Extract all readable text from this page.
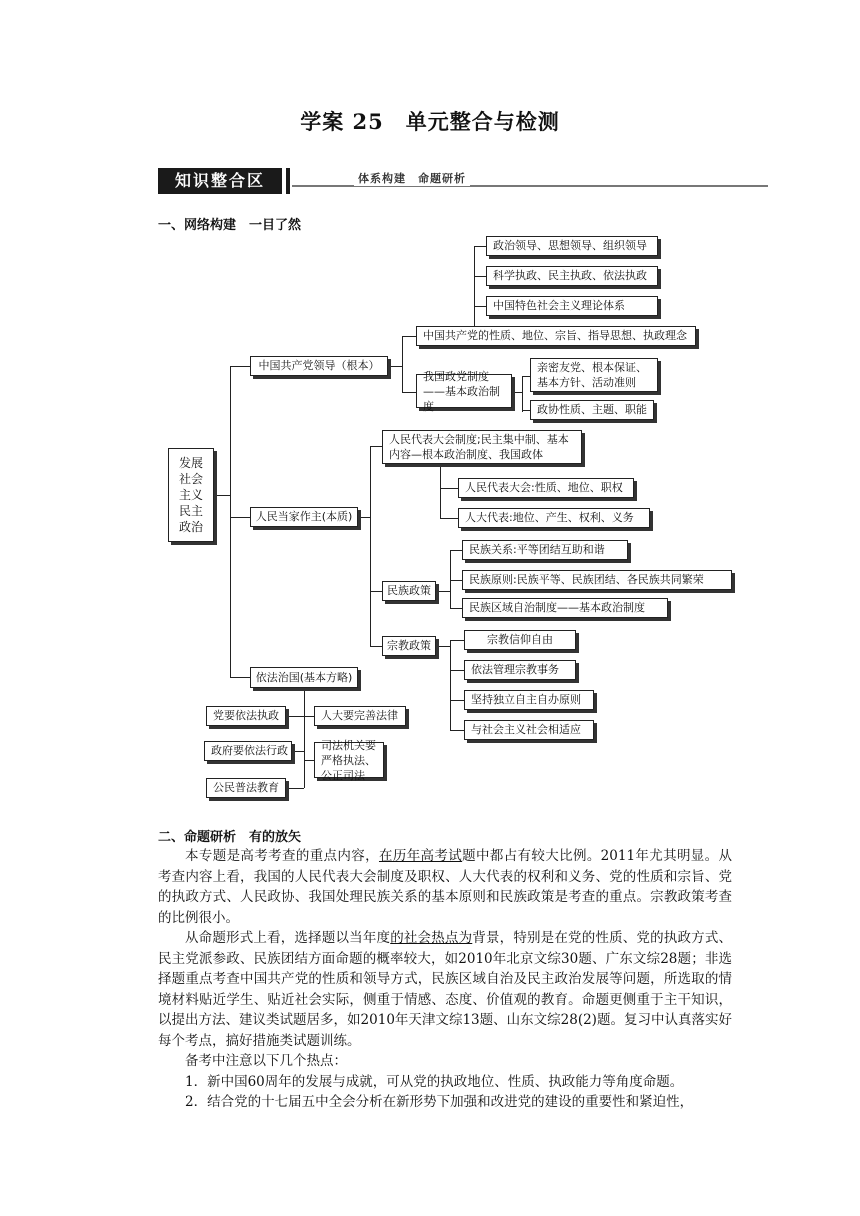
学案 25 单元整合与检测
知识整合区	体系构建　命题研析
一、网络构建　一目了然
发展社会主义民主政治
中国共产党领导（根本）
政治领导、思想领导、组织领导
科学执政、民主执政、依法执政
中国特色社会主义理论体系
中国共产党的性质、地位、宗旨、指导思想、执政理念
我国政党制度——基本政治制度
亲密友党、根本保证、基本方针、活动准则
政协性质、主题、职能
人民当家作主(本质)
人民代表大会制度;民主集中制、基本内容—根本政治制度、我国政体
人民代表大会:性质、地位、职权
人大代表:地位、产生、权利、义务
民族政策
民族关系:平等团结互助和谐
民族原则:民族平等、民族团结、各民族共同繁荣
民族区域自治制度——基本政治制度
宗教政策	宗教信仰自由
依法管理宗教事务
坚持独立自主自办原则
与社会主义社会相适应
依法治国(基本方略)
党要依法执政
政府要依法行政
公民普法教育
人大要完善法律
司法机关要严格执法、公正司法
二、命题研析　有的放矢

本专题是高考考查的重点内容，在历年高考试题中都占有较大比例。2011年尤其明显。从考查内容上看，我国的人民代表大会制度及职权、人大代表的权利和义务、党的性质和宗旨、党的执政方式、人民政协、我国处理民族关系的基本原则和民族政策是考查的重点。宗教政策考查的比例很小。

从命题形式上看，选择题以当年度的社会热点为背景，特别是在党的性质、党的执政方式、民主党派参政、民族团结方面命题的概率较大，如2010年北京文综30题、广东文综28题；非选择题重点考查中国共产党的性质和领导方式，民族区域自治及民主政治发展等问题，所选取的情境材料贴近学生、贴近社会实际，侧重于情感、态度、价值观的教育。命题更侧重于主干知识，以提出方法、建议类试题居多，如2010年天津文综13题、山东文综28(2)题。复习中认真落实好每个考点，搞好措施类试题训练。

备考中注意以下几个热点：

1．新中国60周年的发展与成就，可从党的执政地位、性质、执政能力等角度命题。

2．结合党的十七届五中全会分析在新形势下加强和改进党的建设的重要性和紧迫性，
